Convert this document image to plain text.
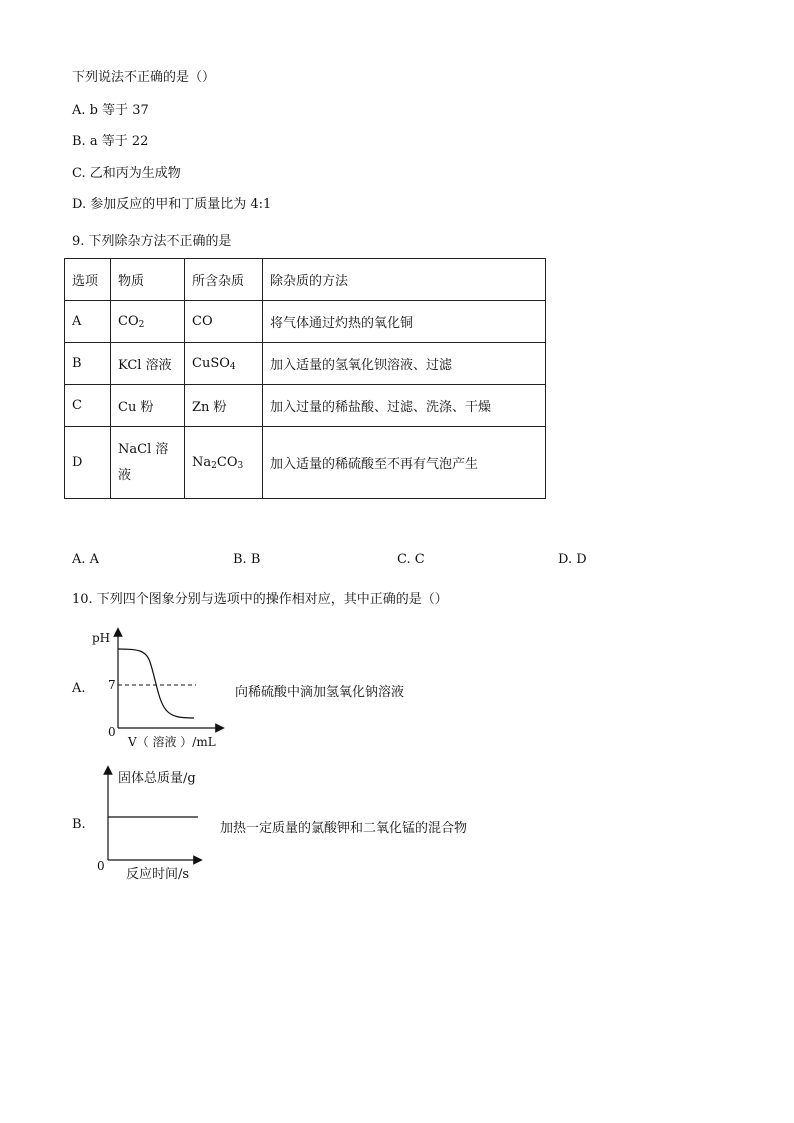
下列说法不正确的是（）
A. b 等于 37
B. a 等于 22
C. 乙和丙为生成物
D. 参加反应的甲和丁质量比为 4:1
9. 下列除杂方法不正确的是
选项	物质	所含杂质	除杂质的方法
A	$CO_2$	CO	将气体通过灼热的氧化铜
B	KCl 溶液	CuSO$_4$	加入适量的氢氧化钡溶液、过滤
C	Cu 粉	Zn 粉	加入过量的稀盐酸、过滤、洗涤、干燥
D	NaCl 溶液	$Na_2CO_3$	加入适量的稀硫酸至不再有气泡产生
A. A	B. B	C. C	D. D
10. 下列四个图象分别与选项中的操作相对应，其中正确的是（）
A.
pH
7
0
V（ 溶液 ）/mL
向稀硫酸中滴加氢氧化钠溶液
B.
固体总质量/g
0
反应时间/s
加热一定质量的氯酸钾和二氧化锰的混合物
